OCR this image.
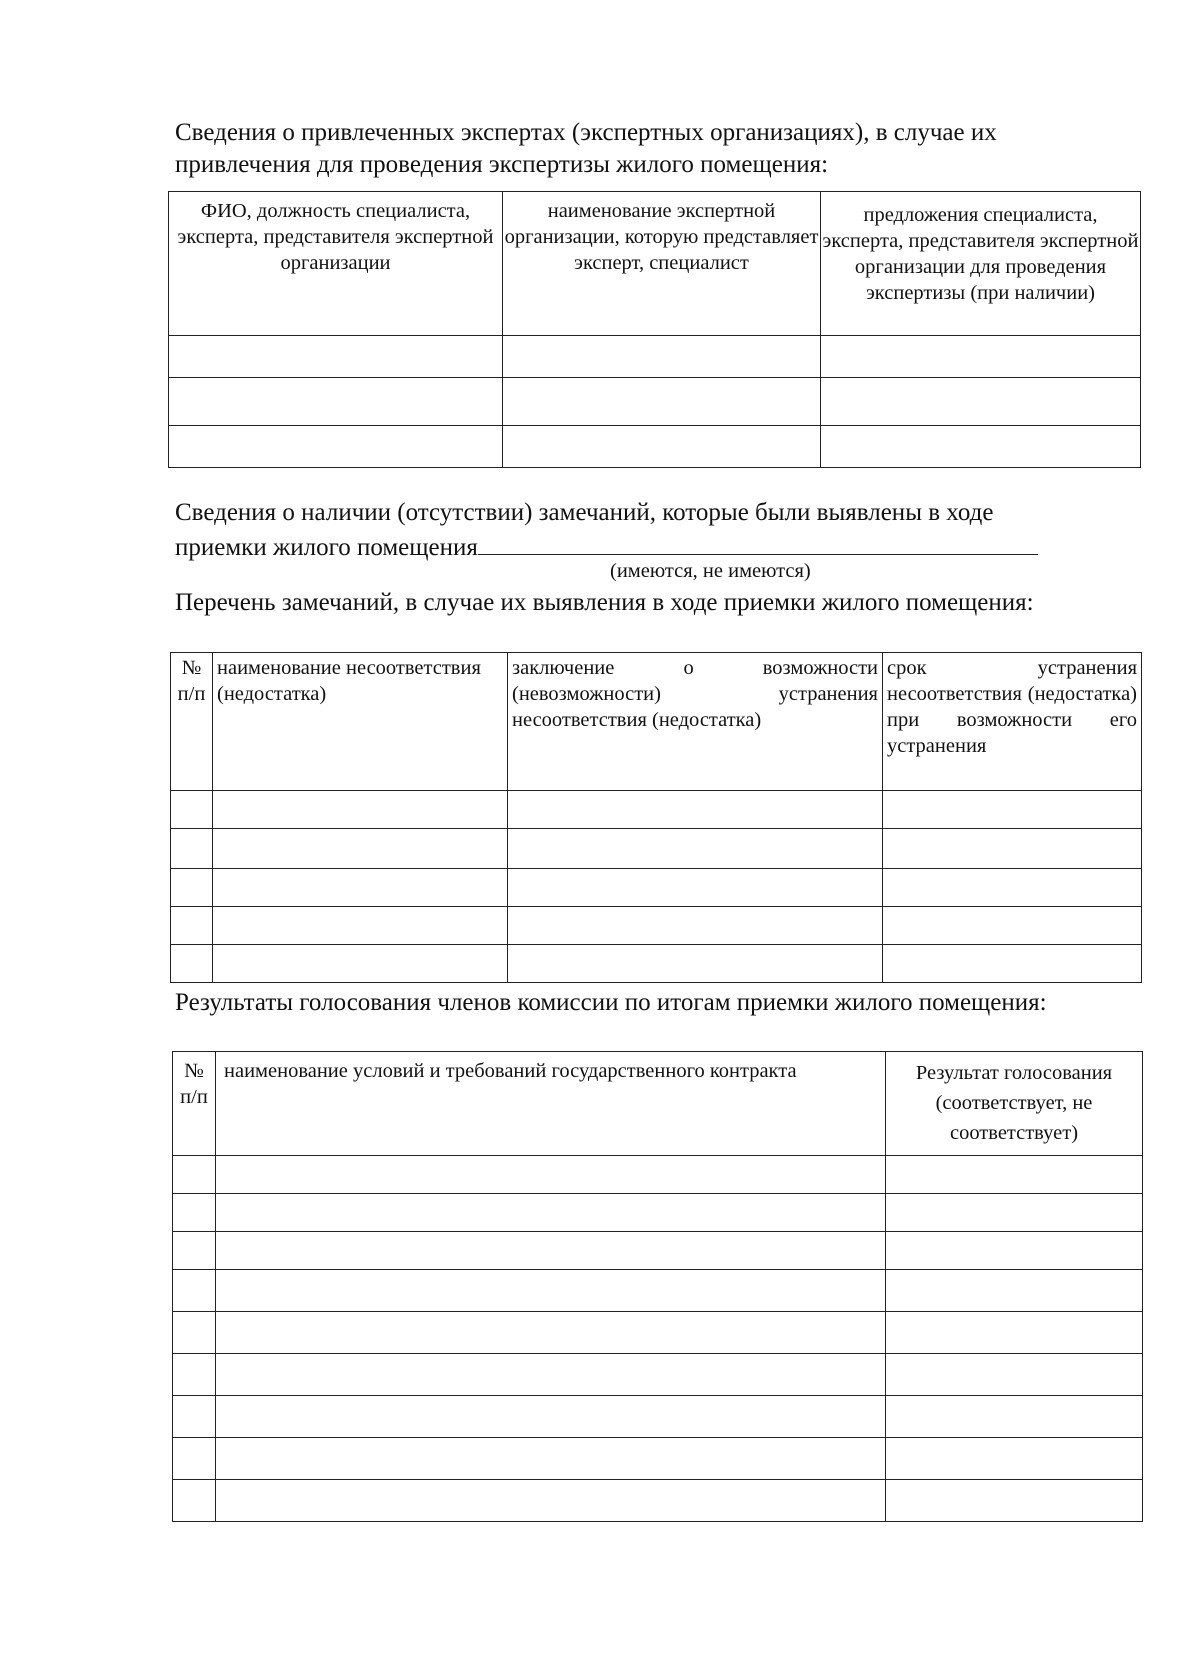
Сведения о привлеченных экспертах (экспертных организациях), в случае их

привлечения для проведения экспертизы жилого помещения:

ФИО, должность специалиста, эксперта, представителя экспертной организации	наименование экспертной организации, которую представляет эксперт, специалист	предложения специалиста, эксперта, представителя экспертной организации для проведения экспертизы (при наличии)

Сведения о наличии (отсутствии) замечаний, которые были выявлены в ходе

приемки жилого помещения

(имеются, не имеются)

Перечень замечаний, в случае их выявления в ходе приемки жилого помещения:

№ п/п	наименование несоответствия (недостатка)	заключение о возможности (невозможности) устранения несоответствия (недостатка)	срок устранения несоответствия (недостатка) при возможности его устранения

Результаты голосования членов комиссии по итогам приемки жилого помещения:

№ п/п	наименование условий и требований государственного контракта	Результат голосования (соответствует, не соответствует)
